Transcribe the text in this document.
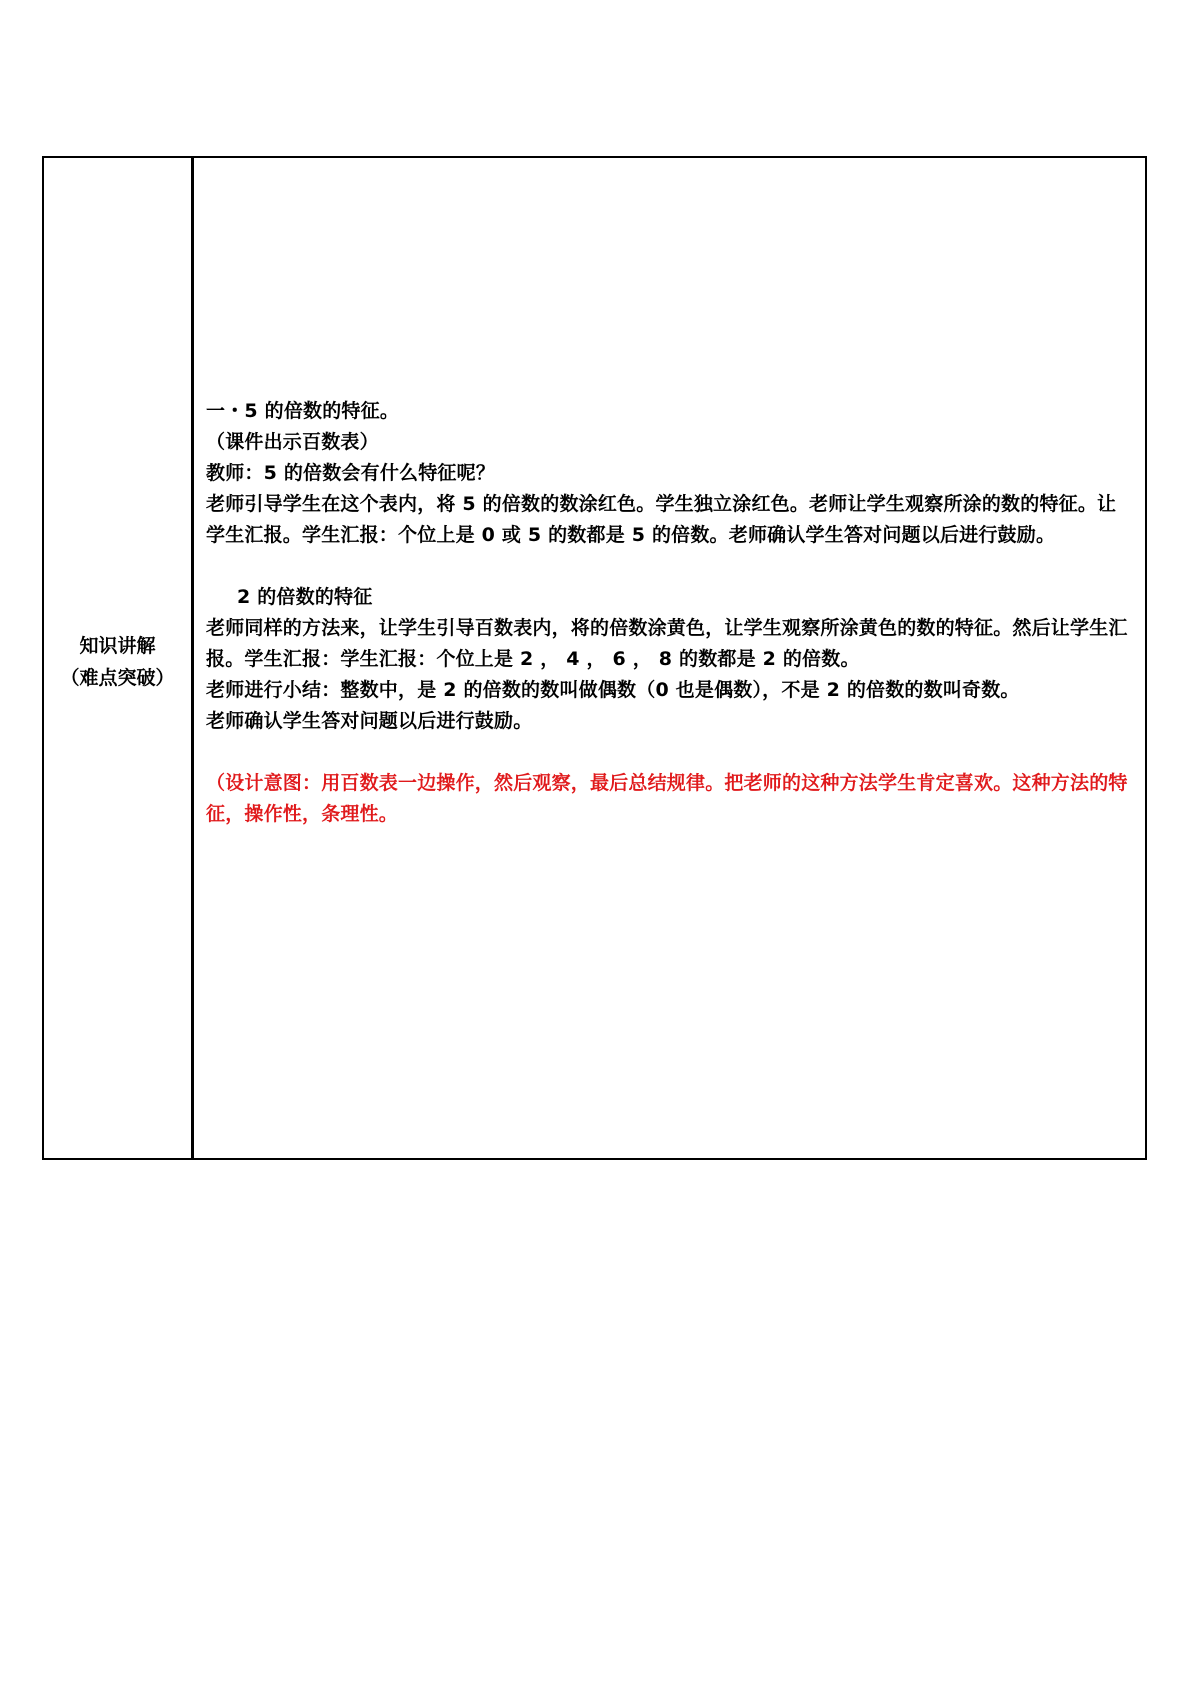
知识讲解
（难点突破）

一・5 的倍数的特征。

（课件出示百数表）

教师：5 的倍数会有什么特征呢？

老师引导学生在这个表内，将 5 的倍数的数涂红色。学生独立涂红色。老师让学生观察所涂的数的特征。让学生汇报。学生汇报：个位上是 0 或 5 的数都是 5 的倍数。老师确认学生答对问题以后进行鼓励。

2 的倍数的特征

老师同样的方法来，让学生引导百数表内，将的倍数涂黄色，让学生观察所涂黄色的数的特征。然后让学生汇报。学生汇报：学生汇报：个位上是 2 ， 4 ， 6 ， 8 的数都是 2 的倍数。

老师进行小结：整数中，是 2 的倍数的数叫做偶数（0 也是偶数），不是 2 的倍数的数叫奇数。

老师确认学生答对问题以后进行鼓励。

（设计意图：用百数表一边操作，然后观察，最后总结规律。把老师的这种方法学生肯定喜欢。这种方法的特征，操作性，条理性。
